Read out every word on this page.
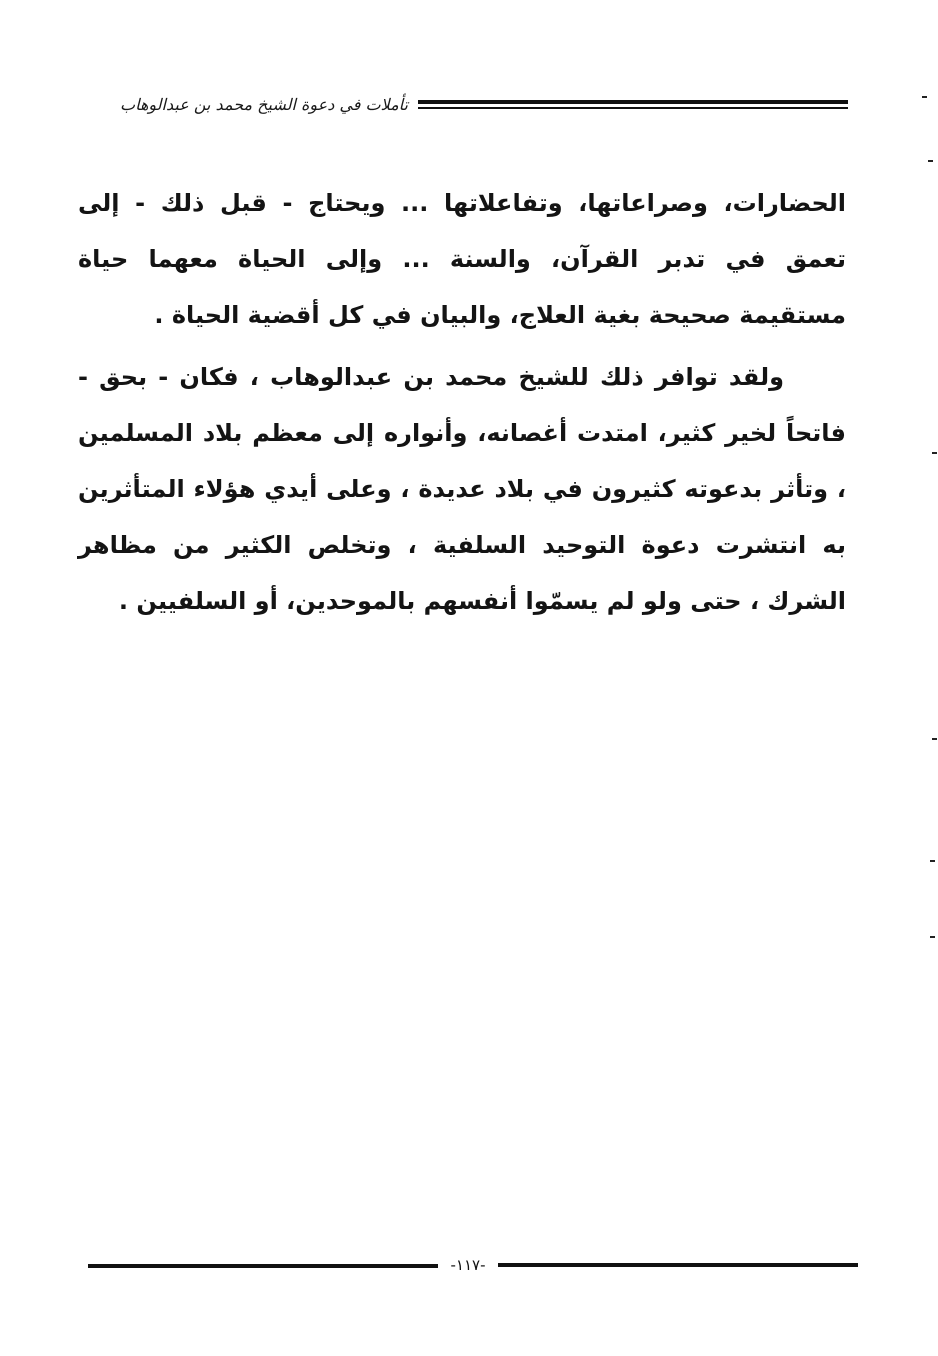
تأملات في دعوة الشيخ محمد بن عبدالوهاب

الحضارات، وصراعاتها، وتفاعلاتها ... ويحتاج - قبل ذلك - إلى تعمق في تدبر القرآن، والسنة ... وإلى الحياة معهما حياة مستقيمة صحيحة بغية العلاج، والبيان في كل أقضية الحياة .

ولقد توافر ذلك للشيخ محمد بن عبدالوهاب ، فكان - بحق - فاتحاً لخير كثير، امتدت أغصانه، وأنواره إلى معظم بلاد المسلمين ، وتأثر بدعوته كثيرون في بلاد عديدة ، وعلى أيدي هؤلاء المتأثرين به انتشرت دعوة التوحيد السلفية ، وتخلص الكثير من مظاهر الشرك ، حتى ولو لم يسمّوا أنفسهم بالموحدين، أو السلفيين .

-١١٧-
